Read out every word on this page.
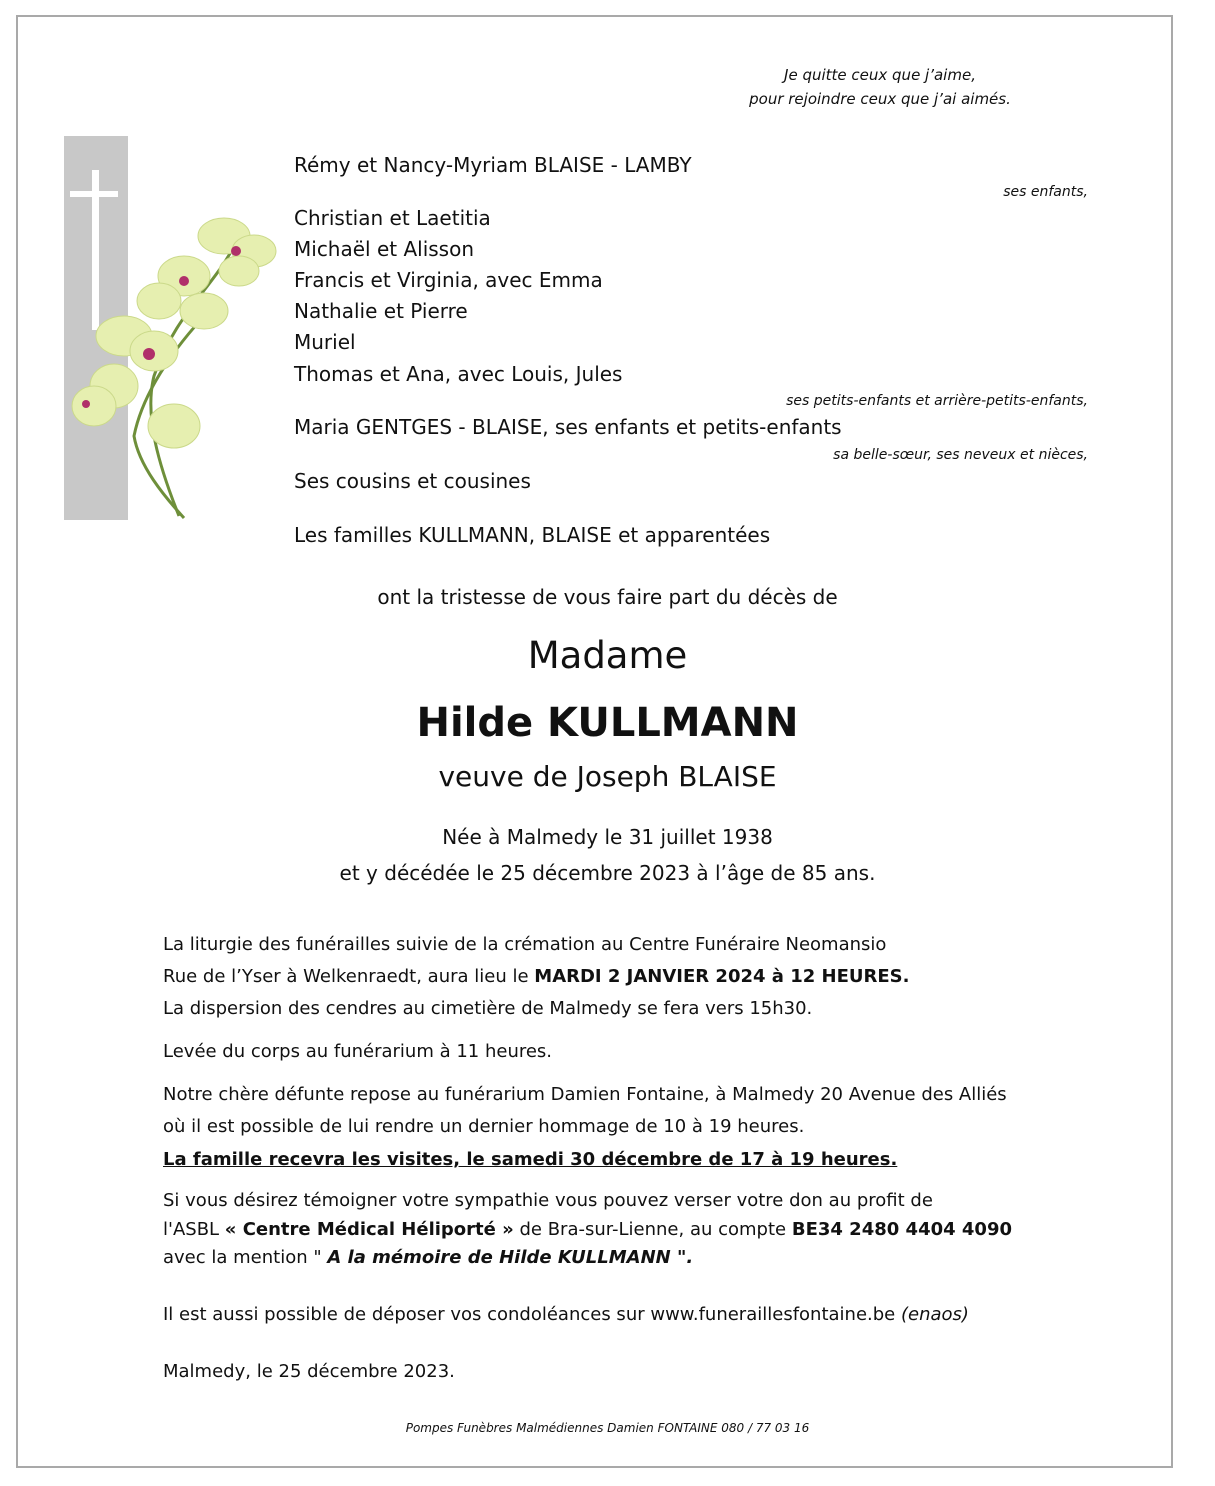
Je quitte ceux que j’aime,
pour rejoindre ceux que j’ai aimés.
Rémy et Nancy-Myriam BLAISE - LAMBY
ses enfants,
Christian et Laetitia
Michaël et Alisson
Francis et Virginia, avec Emma
Nathalie et Pierre
Muriel
Thomas et Ana, avec Louis, Jules
ses petits-enfants et arrière-petits-enfants,
Maria GENTGES - BLAISE, ses enfants et petits-enfants
sa belle-sœur, ses neveux et nièces,
Ses cousins et cousines
Les familles KULLMANN, BLAISE et apparentées
ont la tristesse de vous faire part du décès de
Madame
Hilde KULLMANN
veuve de Joseph BLAISE
Née à Malmedy le 31 juillet 1938
et y décédée le 25 décembre 2023 à l’âge de 85 ans.
La liturgie des funérailles suivie de la crémation au Centre Funéraire Neomansio
Rue de l’Yser à Welkenraedt, aura lieu le MARDI 2 JANVIER 2024 à 12 HEURES.
La dispersion des cendres au cimetière de Malmedy se fera vers 15h30.
Levée du corps au funérarium à 11 heures.
Notre chère défunte repose au funérarium Damien Fontaine, à Malmedy 20 Avenue des Alliés
où il est possible de lui rendre un dernier hommage de 10 à 19 heures.
La famille recevra les visites, le samedi 30 décembre de 17 à 19 heures.
Si vous désirez témoigner votre sympathie vous pouvez verser votre don au profit de
l'ASBL « Centre Médical Héliporté » de Bra-sur-Lienne, au compte BE34 2480 4404 4090
avec la mention " A la mémoire de Hilde KULLMANN ".
Il est aussi possible de déposer vos condoléances sur www.funeraillesfontaine.be (enaos)
Malmedy, le 25 décembre 2023.
Pompes Funèbres Malmédiennes Damien FONTAINE 080 / 77 03 16
